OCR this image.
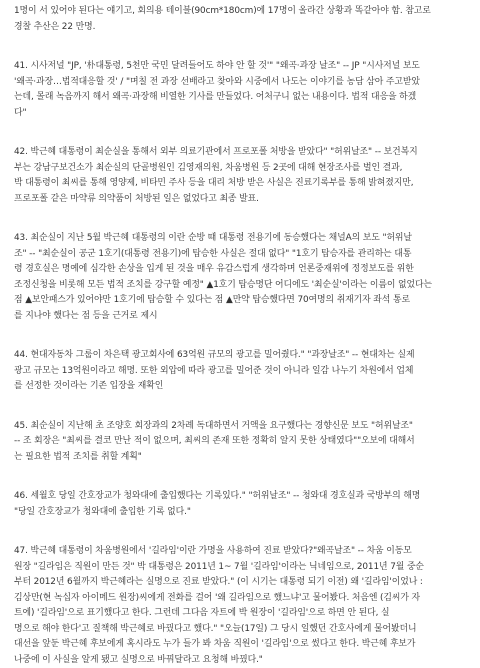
1명이 서 있어야 된다는 얘기고, 회의용 테이블(90cm*180cm)에 17명이 올라간 상황과 똑같아야 함. 참고로
경찰 추산은 22 만명.
41. 시사저널 "JP, '朴대통령, 5천만 국민 달려들어도 하야 안 할 것'" "왜곡·과장 날조" -- JP "시사저널 보도
'왜곡·과장…법적대응할 것' / "며칠 전 과장 선배라고 찾아와 시중에서 나도는 이야기를 농담 삼아 주고받았
는데, 몰래 녹음까지 해서 왜곡·과장해 비열한 기사를 만들었다. 어처구니 없는 내용이다. 법적 대응을 하겠
다"
42. 박근혜 대통령이 최순실을 통해서 외부 의료기관에서 프로포폴 처방을 받았다" "허위날조" -- 보건복지
부는 강남구보건소가 최순실의 단골병원인 김영재의원, 차움병원 등 2곳에 대해 현장조사를 벌인 결과,
박 대통령이 최씨를 통해 영양제, 비타민 주사 등을 대리 처방 받은 사실은 진료기록부를 통해 밝혀졌지만,
프로포폴 같은 마약류 의약품이 처방된 일은 없었다고 최종 발표.
43. 최순실이 지난 5월 박근혜 대통령의 이란 순방 때 대통령 전용기에 동승했다는 채널A의 보도 "허위날
조" -- "최순실이 공군 1호기(대통령 전용기)에 탑승한 사실은 절대 없다" "1호기 탑승자를 관리하는 대통
령 경호실은 명예에 심각한 손상을 입게 된 것을 매우 유감스럽게 생각하며 언론중재위에 정정보도를 위한
조정신청을 비롯해 모든 법적 조치를 강구할 예정" ▲1호기 탑승명단 어디에도 '최순실'이라는 이름이 없었다는
점 ▲보안패스가 있어야만 1호기에 탑승할 수 있다는 점 ▲만약 탑승했다면 70여명의 취재기자 좌석 통로
를 지나야 했다는 점 등을 근거로 제시
44. 현대자동차 그룹이 차은택 광고회사에 63억원 규모의 광고를 밀어줬다." "과장날조" -- 현대차는 실제
광고 규모는 13억원이라고 해명. 또한 외압에 따라 광고를 밀어준 것이 아니라 일감 나누기 차원에서 업체
를 선정한 것이라는 기존 입장을 재확인
45. 최순실이 지난해 초 조양호 회장과의 2차례 독대하면서 거액을 요구했다는 경향신문 보도 "허위날조"
-- 조 회장은 "최씨를 결코 만난 적이 없으며, 최씨의 존재 또한 정확히 알지 못한 상태였다""오보에 대해서
는 필요한 법적 조치를 취할 계획"
46. 세월호 당일 간호장교가 청와대에 출입했다는 기록있다." "허위날조" -- 청와대 경호실과 국방부의 해명
"당일 간호장교가 청와대에 출입한 기록 없다."
47. 박근혜 대통령이 차움병원에서 '길라임'이란 가명을 사용하여 진료 받았다?"왜곡날조" -- 차움 이동모
원장 "길라임은 직원이 만든 것" 박 대통령은 2011년 1~ 7월 '길라임'이라는 닉네임으로, 2011년 7월 중순
부터 2012년 6월까지 박근혜라는 실명으로 진료 받았다." (이 시기는 대통령 되기 이전) 왜 '길라임'이었나 :
김상만(현 녹십자 아이메드 원장)씨에게 전화를 걸어 '왜 길라임으로 했느냐'고 물어봤다. 처음엔 (김씨가 자
트에) '길라임'으로 표기했다고 한다. 그런데 그다음 자트에 박 원장이 '길라임'으로 하면 안 된다, 실
명으로 해야 한다'고 질책해 박근혜로 바꿨다고 했다." "오늘(17일) 그 당시 일했던 간호사에게 물어봤더니
대선을 앞둔 박근혜 후보에게 혹시라도 누가 들가 봐 차움 직원이 '길라임'으로 썼다고 한다. 박근혜 후보가
나중에 이 사실을 알게 됐고 실명으로 바꿔달라고 요청해 바꿨다."
